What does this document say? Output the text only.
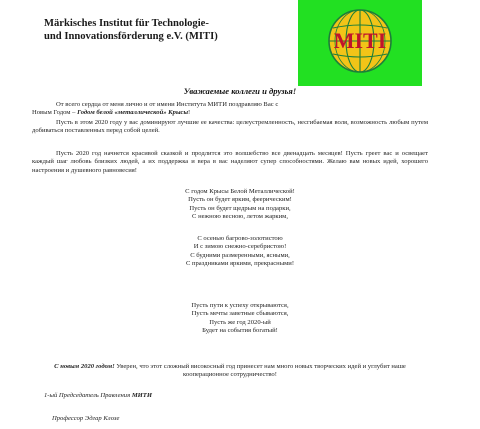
Märkisches Institut für Technologie-
und Innovationsförderung e.V. (MITI)	MITI
Уважаемые коллеги и друзья!

От всего сердца от меня лично и от имени Института МИТИ поздравляю Вас с
Новым Годом – Годом белой «металлической» Крысы!

Пусть в этом 2020 году у вас доминируют лучшие ее качества: целеустремленность, несгибаемая воля, возможность любым путем добиваться поставленных перед собой целей.

Пусть 2020 год начнется красивой сказкой и продлится это волшебство все двенадцать месяцев! Пусть греет вас и освещает каждый шаг любовь близких людей, а их поддержка и вера в вас наделяют супер способностями. Желаю вам новых идей, хорошего настроения и душевного равновесия!

С годом Крысы Белой Металлической!
Пусть он будет ярким, феерическим!
Пусть он будет щедрым на подарки,
С нежною весною, летом жарким,
С осенью багрово-золотистою
И с зимою снежно-серебристою!
С будними размеренными, ясными,
С праздниками яркими, прекрасными!
Пусть пути к успеху открываются,
Пусть мечты заветные сбываются,
Пусть же год 2020-ый
Будет на события богатый!
С новым 2020 годом! Уверен, что этот сложный високосный год принесет нам много новых творческих идей и углубит наше кооперационное сотрудничество!
1-ый Председатель Правления МИТИ
Профессор Эдгар Клозе
